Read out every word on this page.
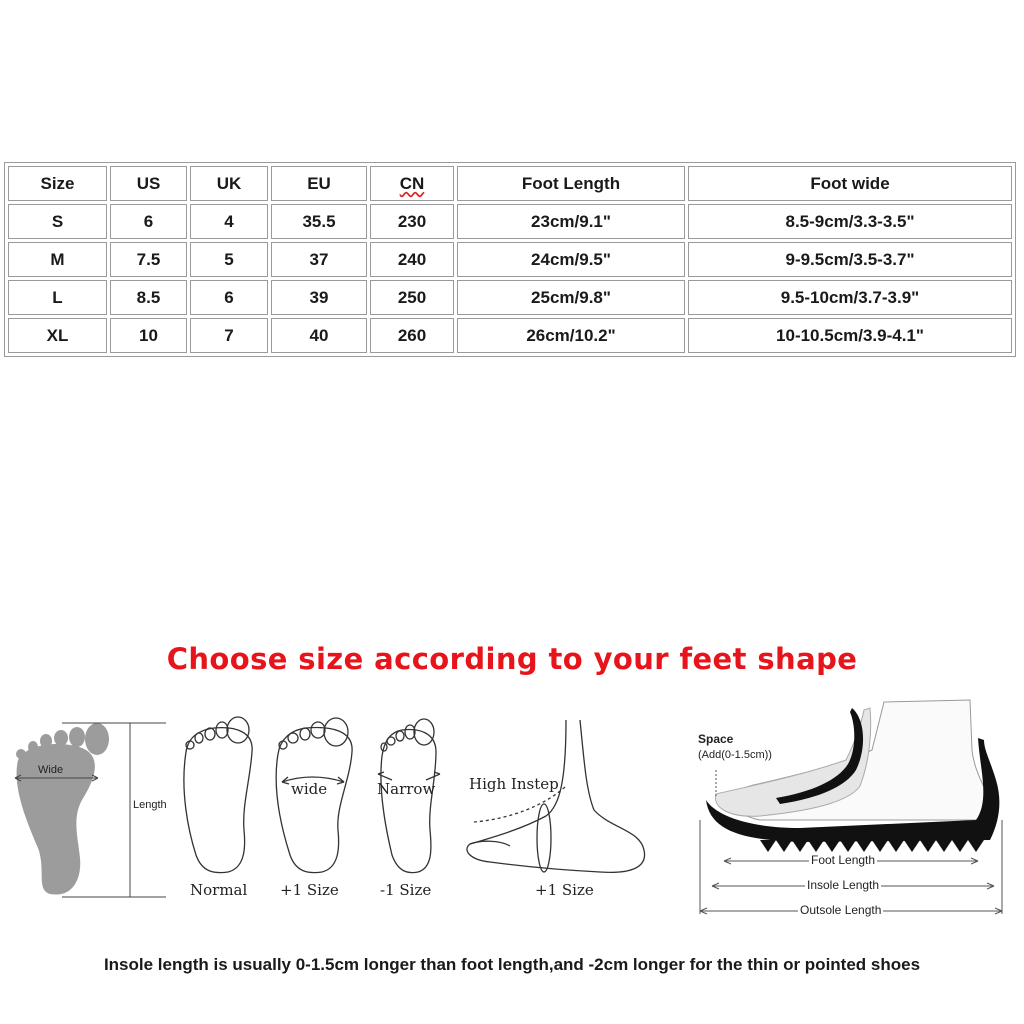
Size	US	UK	EU	CN	Foot Length	Foot wide
S	6	4	35.5	230	23cm/9.1"	8.5-9cm/3.3-3.5"
M	7.5	5	37	240	24cm/9.5"	9-9.5cm/3.5-3.7"
L	8.5	6	39	250	25cm/9.8"	9.5-10cm/3.7-3.9"
XL	10	7	40	260	26cm/10.2"	10-10.5cm/3.9-4.1"
Choose size according to your feet shape
Wide
Length
Normal
wide
+1 Size
Narrow
-1 Size
High Instep
+1 Size
Space
(Add(0-1.5cm))
Foot Length
Insole Length
Outsole Length
Insole length is usually 0-1.5cm longer than foot length,and -2cm longer for the thin or pointed shoes
